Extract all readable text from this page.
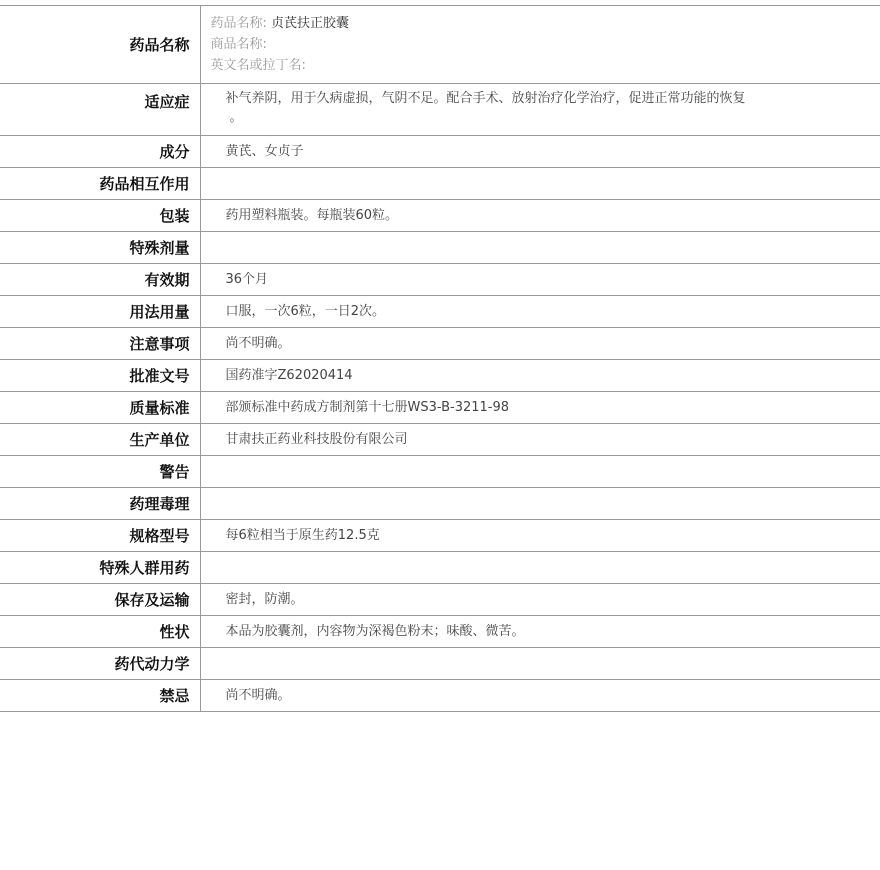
药品名称	药品名称: 贞芪扶正胶囊
商品名称:
英文名或拉丁名:

适应症	补气养阴，用于久病虚损，气阴不足。配合手术、放射治疗化学治疗，促进正常功能的恢复
。

成分	黄芪、女贞子
药品相互作用	
包装	药用塑料瓶装。每瓶装60粒。
特殊剂量	
有效期	36个月
用法用量	口服，一次6粒，一日2次。
注意事项	尚不明确。
批准文号	国药准字Z62020414
质量标准	部颁标准中药成方制剂第十七册WS3-B-3211-98
生产单位	甘肃扶正药业科技股份有限公司
警告	
药理毒理	
规格型号	每6粒相当于原生药12.5克
特殊人群用药	
保存及运输	密封，防潮。
性状	本品为胶囊剂，内容物为深褐色粉末；味酸、微苦。
药代动力学	
禁忌	尚不明确。
